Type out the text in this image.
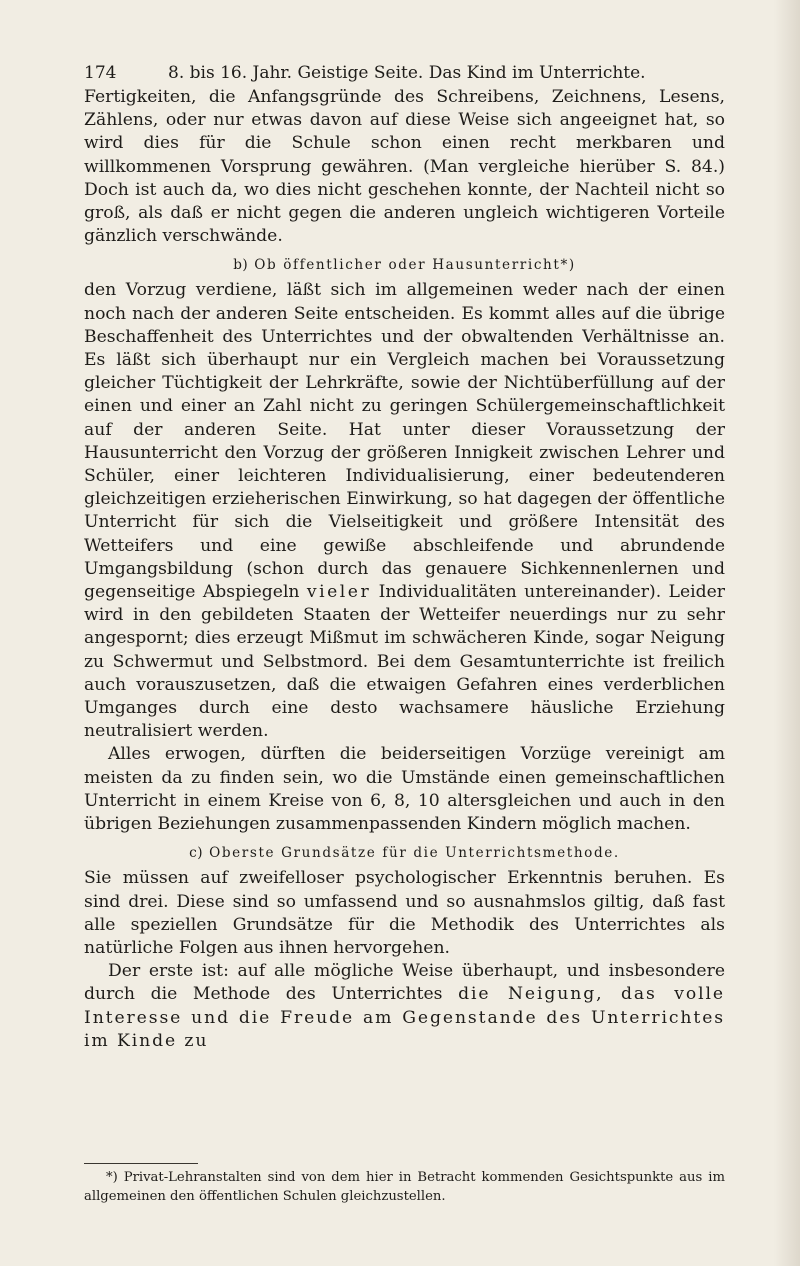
174	8. bis 16. Jahr. Geistige Seite. Das Kind im Unterrichte.

Fertigkeiten, die Anfangsgründe des Schreibens, Zeichnens, Lesens, Zählens, oder nur etwas davon auf diese Weise sich angeeignet hat, so wird dies für die Schule schon einen recht merkbaren und willkommenen Vorsprung gewähren. (Man vergleiche hierüber S. 84.) Doch ist auch da, wo dies nicht geschehen konnte, der Nachteil nicht so groß, als daß er nicht gegen die anderen ungleich wichtigeren Vorteile gänzlich verschwände.

b) Ob öffentlicher oder Hausunterricht*)

den Vorzug verdiene, läßt sich im allgemeinen weder nach der einen noch nach der anderen Seite entscheiden. Es kommt alles auf die übrige Beschaffenheit des Unterrichtes und der obwaltenden Verhältnisse an. Es läßt sich überhaupt nur ein Vergleich machen bei Voraussetzung gleicher Tüchtigkeit der Lehrkräfte, sowie der Nichtüberfüllung auf der einen und einer an Zahl nicht zu geringen Schülergemeinschaftlichkeit auf der anderen Seite. Hat unter dieser Voraussetzung der Hausunterricht den Vorzug der größeren Innigkeit zwischen Lehrer und Schüler, einer leichteren Individualisierung, einer bedeutenderen gleichzeitigen erzieherischen Einwirkung, so hat dagegen der öffentliche Unterricht für sich die Vielseitigkeit und größere Intensität des Wetteifers und eine gewiße abschleifende und abrundende Umgangsbildung (schon durch das genauere Sichkennenlernen und gegenseitige Abspiegeln vieler Individualitäten untereinander). Leider wird in den gebildeten Staaten der Wetteifer neuerdings nur zu sehr angespornt; dies erzeugt Mißmut im schwächeren Kinde, sogar Neigung zu Schwermut und Selbstmord. Bei dem Gesamtunterrichte ist freilich auch vorauszusetzen, daß die etwaigen Gefahren eines verderblichen Umganges durch eine desto wachsamere häusliche Erziehung neutralisiert werden.

Alles erwogen, dürften die beiderseitigen Vorzüge vereinigt am meisten da zu finden sein, wo die Umstände einen gemeinschaftlichen Unterricht in einem Kreise von 6, 8, 10 altersgleichen und auch in den übrigen Beziehungen zusammenpassenden Kindern möglich machen.

c) Oberste Grundsätze für die Unterrichtsmethode.

Sie müssen auf zweifelloser psychologischer Erkenntnis beruhen. Es sind drei. Diese sind so umfassend und so ausnahmslos giltig, daß fast alle speziellen Grundsätze für die Methodik des Unterrichtes als natürliche Folgen aus ihnen hervorgehen.

Der erste ist: auf alle mögliche Weise überhaupt, und insbesondere durch die Methode des Unterrichtes die Neigung, das volle Interesse und die Freude am Gegenstande des Unterrichtes im Kinde zu

*) Privat-Lehranstalten sind von dem hier in Betracht kommenden Gesichtspunkte aus im allgemeinen den öffentlichen Schulen gleichzustellen.
